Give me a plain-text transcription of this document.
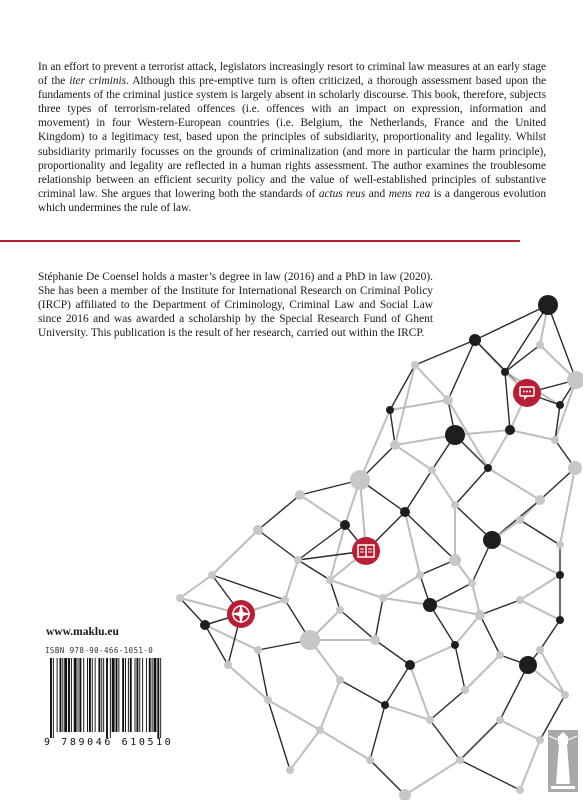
In an effort to prevent a terrorist attack, legislators increasingly resort to criminal law measures at an early stage of the iter criminis. Although this pre-emptive turn is often criticized, a thorough assessment based upon the fundaments of the criminal justice system is largely absent in scholarly discourse. This book, therefore, subjects three types of terrorism-related offences (i.e. offences with an impact on expression, information and movement) in four Western-European countries (i.e. Belgium, the Netherlands, France and the United Kingdom) to a legitimacy test, based upon the principles of subsidiarity, proportionality and legality. Whilst subsidiarity primarily focusses on the grounds of criminalization (and more in particular the harm principle), proportionality and legality are reflected in a human rights assessment. The author examines the troublesome relationship between an efficient security policy and the value of well-established principles of substantive criminal law. She argues that lowering both the standards of actus reus and mens rea is a dangerous evolution which undermines the rule of law.

Stéphanie De Coensel holds a master’s degree in law (2016) and a PhD in law (2020). She has been a member of the Institute for International Research on Criminal Policy (IRCP) affiliated to the Department of Criminology, Criminal Law and Social Law since 2016 and was awarded a scholarship by the Special Research Fund of Ghent University. This publication is the result of her research, carried out within the IRCP.

www.maklu.eu

ISBN 978-90-466-1051-0

9 789046 610510
